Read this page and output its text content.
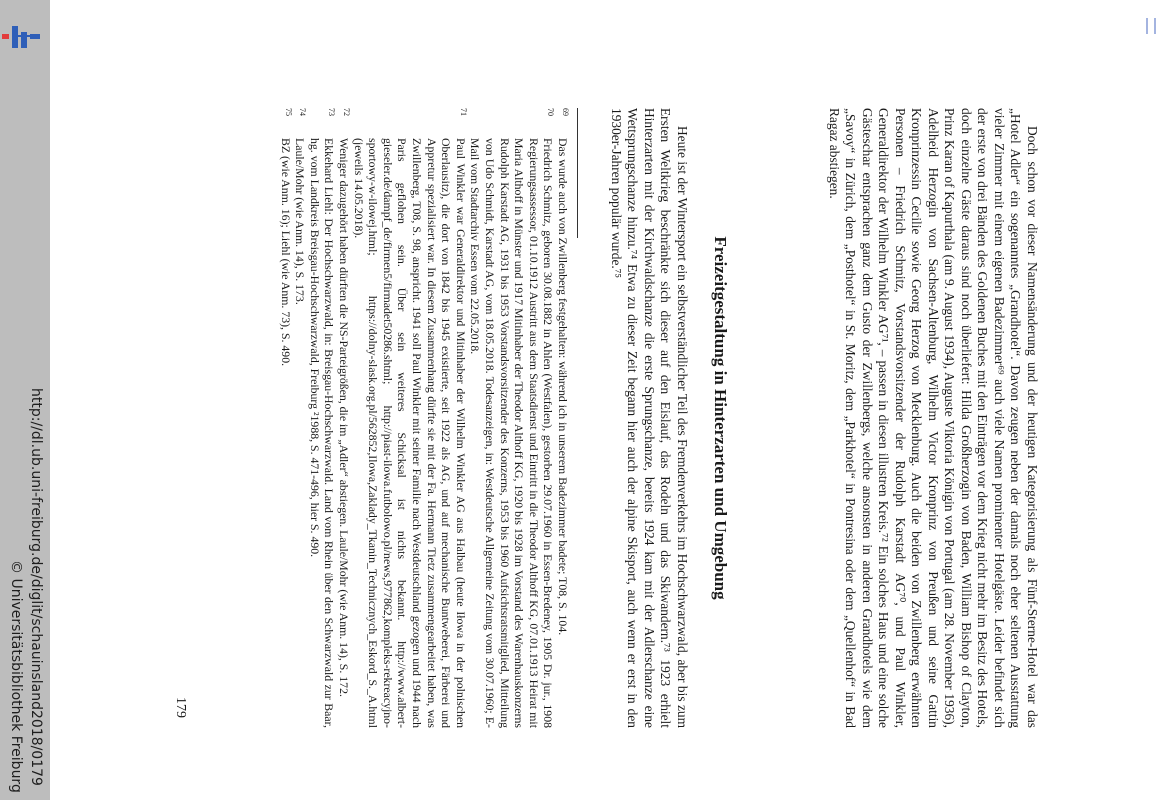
http://dl.ub.uni-freiburg.de/diglit/schauinsland2018/0179
© Universitätsbibliothek Freiburg	Doch schon vor dieser Namensänderung und der heutigen Kategorisierung als Fünf-Sterne-Hotel war das „Hotel Adler“ ein sogenanntes „Grandhotel“. Davon zeugen neben der damals noch eher seltenen Ausstattung vieler Zimmer mit einem eigenen Badezimmer⁶⁹ auch viele Namen prominenter Hotelgäste. Leider befindet sich der erste von drei Bänden des Goldenen Buches mit den Einträgen vor dem Krieg nicht mehr im Besitz des Hotels, doch einzelne Gäste daraus sind noch überliefert: Hilda Großherzogin von Baden, William Bishop of Clayton, Prinz Karan of Kapurthala (am 9. August 1934), Auguste Viktoria Königin von Portugal (am 28. November 1936), Adelheid Herzogin von Sachsen-Altenburg, Wilhelm Victor Kronprinz von Preußen und seine Gattin Kronprinzessin Cecilie sowie Georg Herzog von Mecklenburg. Auch die beiden von Zwillenberg erwähnten Personen – Friedrich Schmitz, Vorstandsvorsitzender der Rudolph Karstadt AG⁷⁰, und Paul Winkler, Generaldirektor der Wilhelm Winkler AG⁷¹, – passen in diesen illustren Kreis.⁷² Ein solches Haus und eine solche Gästeschar entsprachen ganz dem Gusto der Zwillenbergs, welche ansonsten in anderen Grandhotels wie dem „Savoy“ in Zürich, dem „Posthotel“ in St. Moritz, dem „Parkhotel“ in Pontresina oder dem „Quellenhof“ in Bad Ragaz abstiegen.

Freizeitgestaltung in Hinterzarten und Umgebung

Heute ist der Wintersport ein selbstverständlicher Teil des Fremdenverkehrs im Hochschwarzwald, aber bis zum Ersten Weltkrieg beschränkte sich dieser auf den Eislauf, das Rodeln und das Skiwandern.⁷³ 1923 erhielt Hinterzarten mit der Kirchwaldschanze die erste Sprungschanze, bereits 1924 kam mit der Adlerschanze eine Wettsprungschanze hinzu.⁷⁴ Etwa zu dieser Zeit begann hier auch der alpine Skisport, auch wenn er erst in den 1930er-Jahren populär wurde.⁷⁵

69
Das wurde auch von Zwillenberg festgehalten: während ich in unserem Badezimmer badete; T08, S. 104.

70
Friedrich Schmitz, geboren 30.08.1882 in Ahlen (Westfalen), gestorben 29.07.1960 in Essen-Bredeney, 1905 Dr. jur., 1908 Regierungsassessor, 01.10.1912 Austritt aus dem Staatsdienst und Eintritt in die Theodor Althoff KG, 07.01.1913 Heirat mit Maria Althoff in Münster und 1917 Mitinhaber der Theodor Althoff KG, 1920 bis 1928 im Vorstand des Warenhauskonzerns Rudolph Karstadt AG, 1931 bis 1953 Vorstandsvorsitzender des Konzerns, 1953 bis 1960 Aufsichtsratsmitglied, Mitteilung von Udo Schmidt, Karstadt AG, vom 18.05.2018. Todesanzeigen, in: Westdeutsche Allgemeine Zeitung vom 30.07.1960; E-Mail vom Stadtarchiv Essen vom 22.05.2018.

71
Paul Winkler war Generaldirektor und Mitinhaber der Wilhelm Winkler AG aus Halbau (heute Iłowa in der polnischen Oberlausitz), die dort von 1842 bis 1945 existierte, seit 1922 als AG, und auf mechanische Buntweberei, Färberei und Appretur spezialisiert war. In diesem Zusammenhang dürfte sie mit der Fa. Hermann Tietz zusammengearbeitet haben, was Zwillenberg, T08, S. 98, anspricht. 1941 soll Paul Winkler mit seiner Familie nach Westdeutschland gezogen und 1944 nach Paris geflohen sein. Über sein weiteres Schicksal ist nichts bekannt. http://www.albert-gieseler.de/dampf_de/firmen5/firmadet50286.shtml; http://piast-ilowa.futbolowo.pl/news,977862,kompleks-rekreacyjno-sportowy-w-ilowej.html; https://dolny-slask.org.pl/562852,Ilowa,Zaklady_Tkanin_Technicznych_Eskord_S._A.html (jeweils 14.05.2018).

72
Weniger dazugehört haben dürften die NS-Parteigrößen, die im „Adler“ abstiegen. Laule/Mohr (wie Anm. 14), S. 172.

73
Ekkehard Liehl: Der Hochschwarzwald, in: Breisgau-Hochschwarzwald. Land vom Rhein über den Schwarzwald zur Baar, hg. vom Landkreis Breisgau-Hochschwarzwald, Freiburg ²1988, S. 471-496, hier S. 490.

74
Laule/Mohr (wie Anm. 14), S. 173.

75
BZ (wie Anm. 16); Liehl (wie Anm. 73), S. 490.

179
